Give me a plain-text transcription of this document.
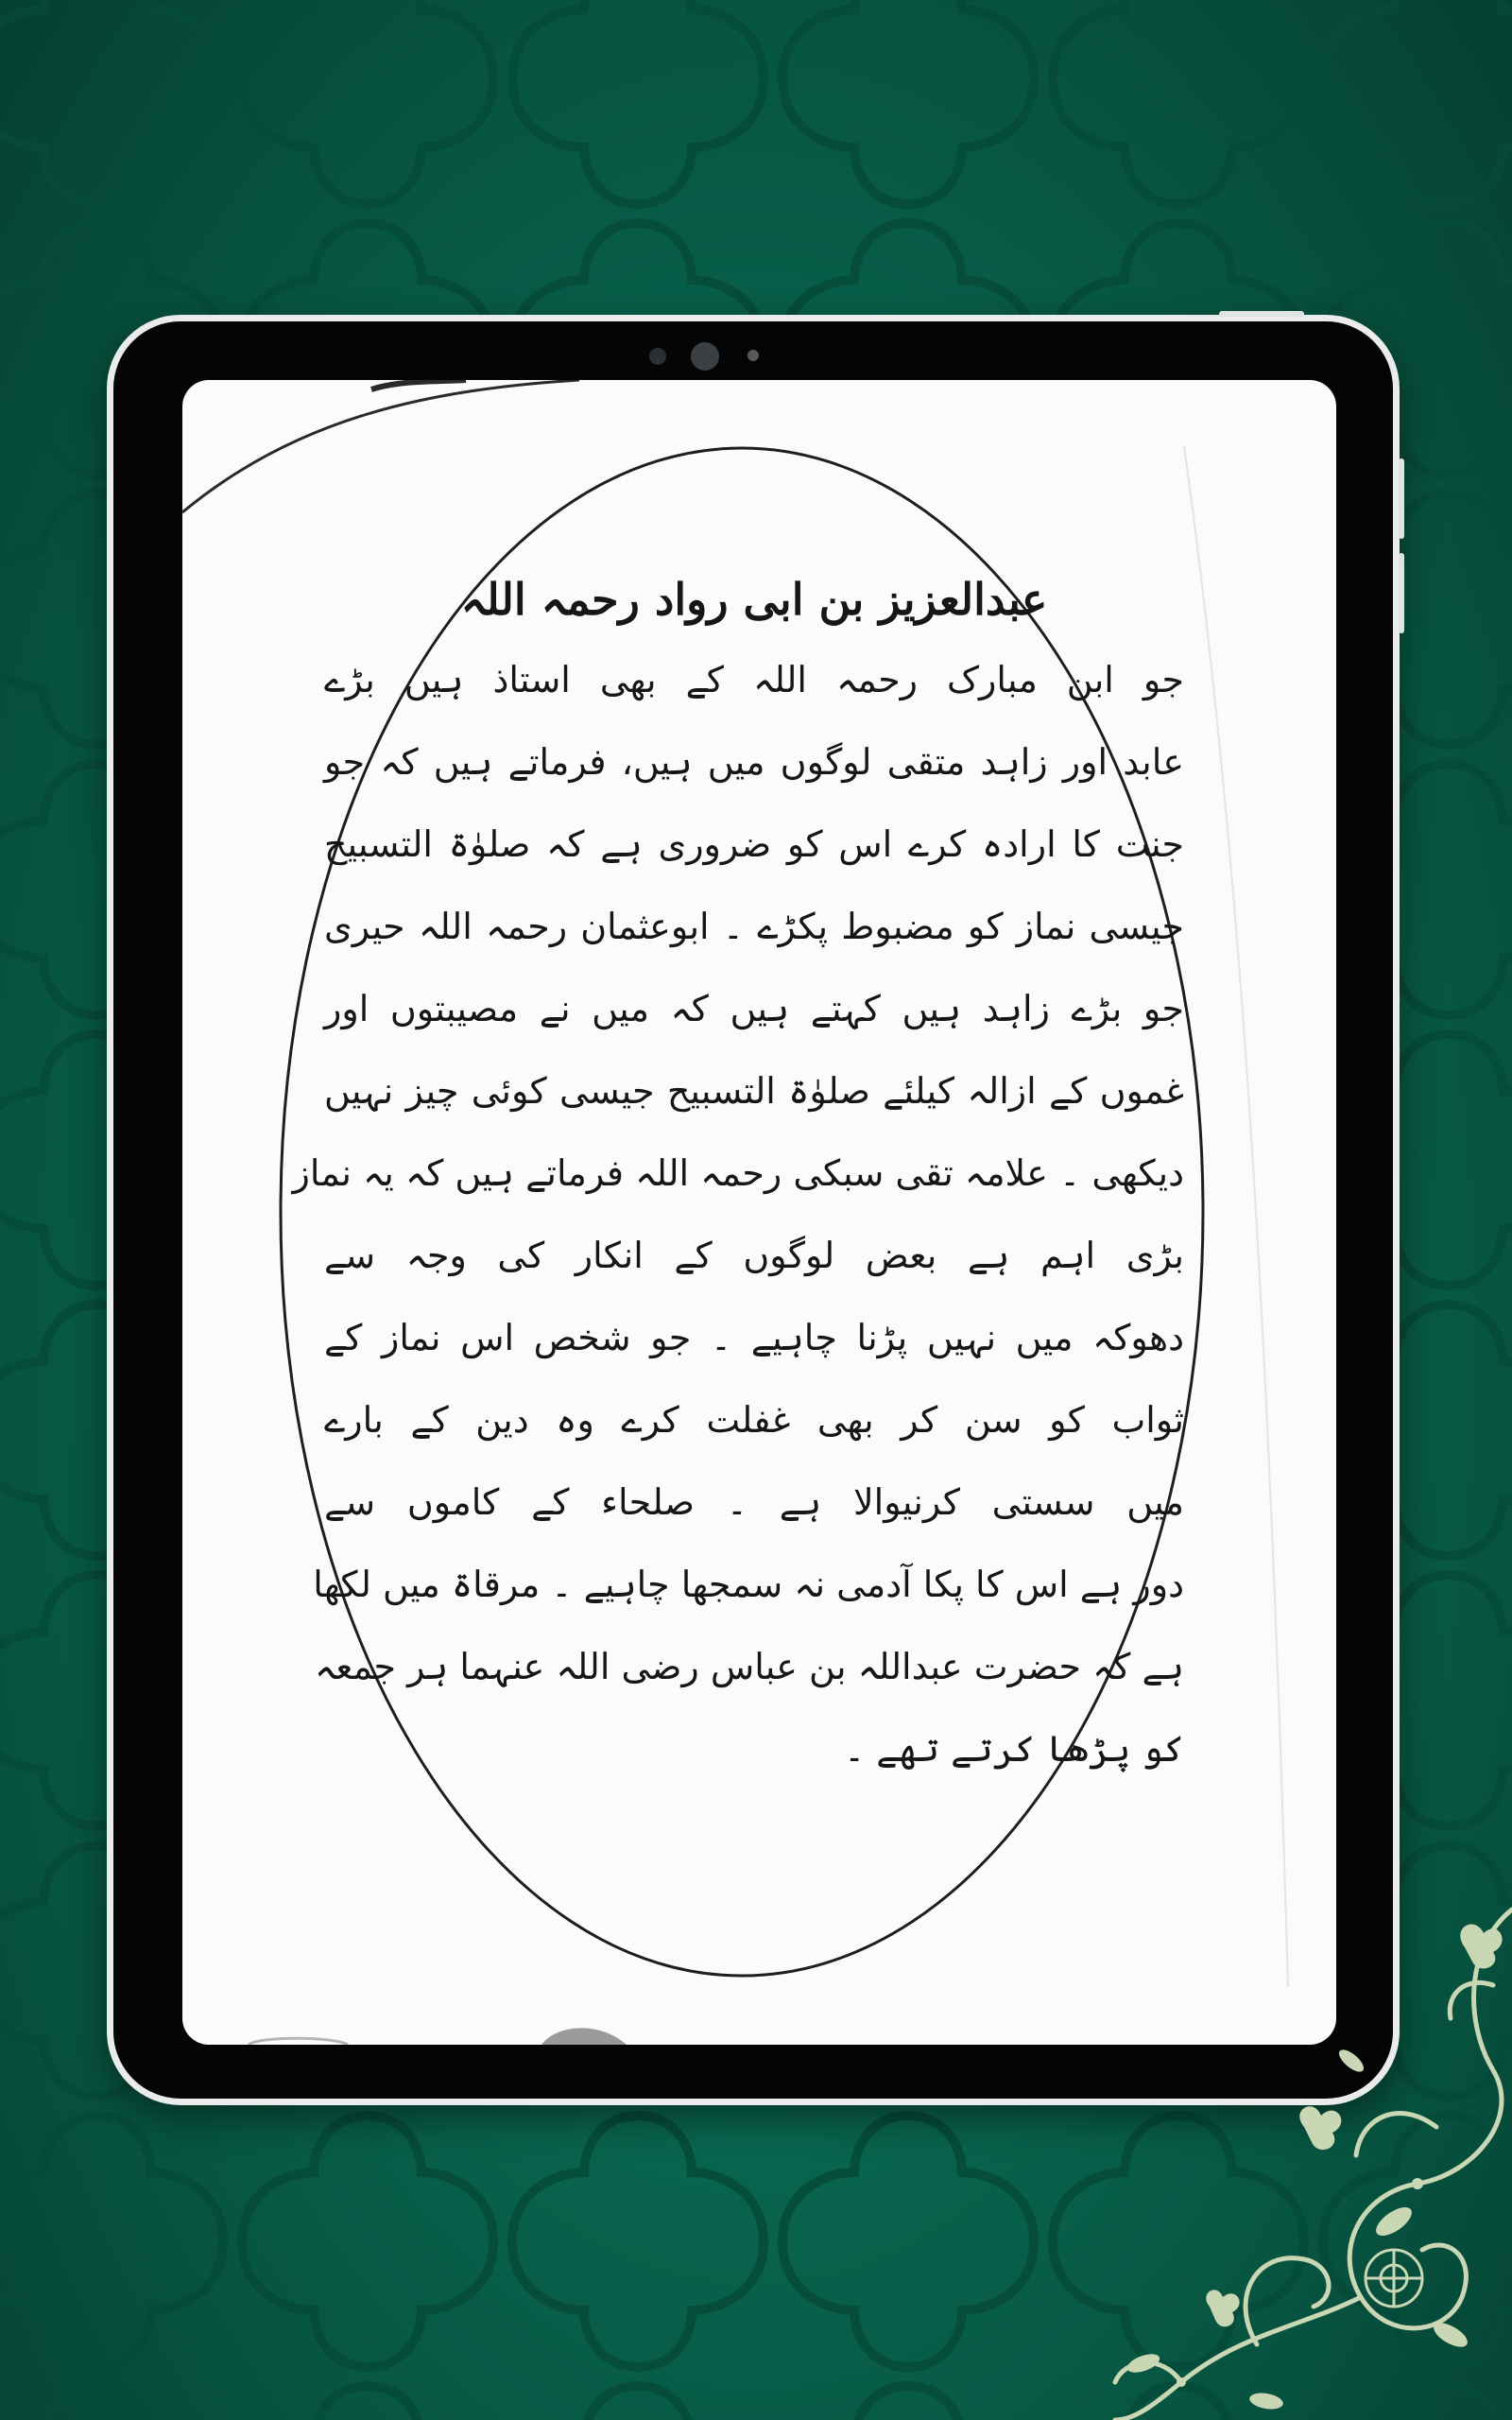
عبدالعزیز بن ابی رواد رحمہ اللہ
جو ابن مبارک رحمہ اللہ کے بھی استاذ ہیں بڑے
عابد اور زاہد متقی لوگوں میں ہیں، فرماتے ہیں کہ جو
جنت کا ارادہ کرے اس کو ضروری ہے کہ صلوٰۃ التسبیح
جیسی نماز کو مضبوط پکڑے ۔ ابوعثمان رحمہ اللہ حیری
جو بڑے زاہد ہیں کہتے ہیں کہ میں نے مصیبتوں اور
غموں کے ازالہ کیلئے صلوٰۃ التسبیح جیسی کوئی چیز نہیں
دیکھی ۔ علامہ تقی سبکی رحمہ اللہ فرماتے ہیں کہ یہ نماز
بڑی اہم ہے بعض لوگوں کے انکار کی وجہ سے
دھوکہ میں نہیں پڑنا چاہیے ۔ جو شخص اس نماز کے
ثواب کو سن کر بھی غفلت کرے وہ دین کے بارے
میں سستی کرنیوالا ہے ۔ صلحاء کے کاموں سے
دور ہے اس کا پکا آدمی نہ سمجھا چاہیے ۔ مرقاۃ میں لکھا
ہے کہ حضرت عبداللہ بن عباس رضی اللہ عنہما ہر جمعہ
کو پڑھا کرتے تھے ۔
